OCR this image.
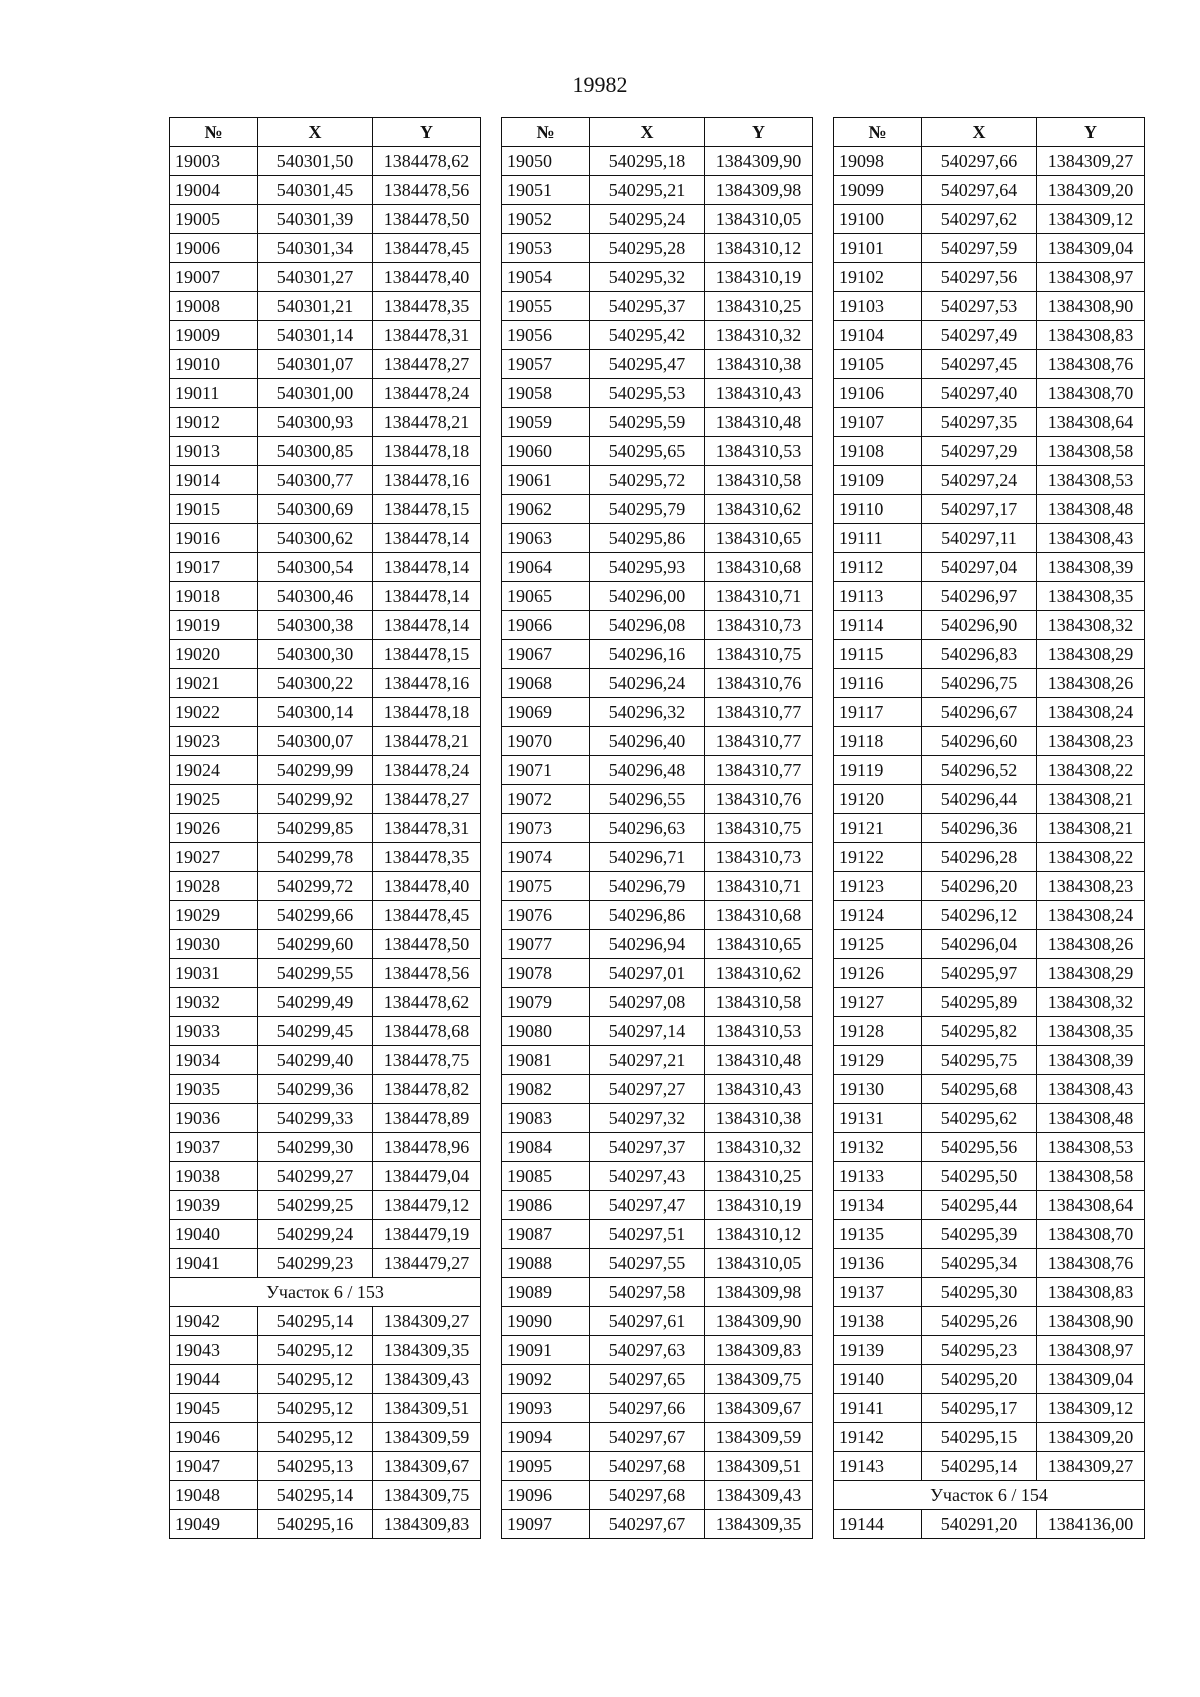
19982
№	X	Y
19003	540301,50	1384478,62
19004	540301,45	1384478,56
19005	540301,39	1384478,50
19006	540301,34	1384478,45
19007	540301,27	1384478,40
19008	540301,21	1384478,35
19009	540301,14	1384478,31
19010	540301,07	1384478,27
19011	540301,00	1384478,24
19012	540300,93	1384478,21
19013	540300,85	1384478,18
19014	540300,77	1384478,16
19015	540300,69	1384478,15
19016	540300,62	1384478,14
19017	540300,54	1384478,14
19018	540300,46	1384478,14
19019	540300,38	1384478,14
19020	540300,30	1384478,15
19021	540300,22	1384478,16
19022	540300,14	1384478,18
19023	540300,07	1384478,21
19024	540299,99	1384478,24
19025	540299,92	1384478,27
19026	540299,85	1384478,31
19027	540299,78	1384478,35
19028	540299,72	1384478,40
19029	540299,66	1384478,45
19030	540299,60	1384478,50
19031	540299,55	1384478,56
19032	540299,49	1384478,62
19033	540299,45	1384478,68
19034	540299,40	1384478,75
19035	540299,36	1384478,82
19036	540299,33	1384478,89
19037	540299,30	1384478,96
19038	540299,27	1384479,04
19039	540299,25	1384479,12
19040	540299,24	1384479,19
19041	540299,23	1384479,27
Участок 6 / 153		
19042	540295,14	1384309,27
19043	540295,12	1384309,35
19044	540295,12	1384309,43
19045	540295,12	1384309,51
19046	540295,12	1384309,59
19047	540295,13	1384309,67
19048	540295,14	1384309,75
19049	540295,16	1384309,83
№	X	Y
19050	540295,18	1384309,90
19051	540295,21	1384309,98
19052	540295,24	1384310,05
19053	540295,28	1384310,12
19054	540295,32	1384310,19
19055	540295,37	1384310,25
19056	540295,42	1384310,32
19057	540295,47	1384310,38
19058	540295,53	1384310,43
19059	540295,59	1384310,48
19060	540295,65	1384310,53
19061	540295,72	1384310,58
19062	540295,79	1384310,62
19063	540295,86	1384310,65
19064	540295,93	1384310,68
19065	540296,00	1384310,71
19066	540296,08	1384310,73
19067	540296,16	1384310,75
19068	540296,24	1384310,76
19069	540296,32	1384310,77
19070	540296,40	1384310,77
19071	540296,48	1384310,77
19072	540296,55	1384310,76
19073	540296,63	1384310,75
19074	540296,71	1384310,73
19075	540296,79	1384310,71
19076	540296,86	1384310,68
19077	540296,94	1384310,65
19078	540297,01	1384310,62
19079	540297,08	1384310,58
19080	540297,14	1384310,53
19081	540297,21	1384310,48
19082	540297,27	1384310,43
19083	540297,32	1384310,38
19084	540297,37	1384310,32
19085	540297,43	1384310,25
19086	540297,47	1384310,19
19087	540297,51	1384310,12
19088	540297,55	1384310,05
19089	540297,58	1384309,98
19090	540297,61	1384309,90
19091	540297,63	1384309,83
19092	540297,65	1384309,75
19093	540297,66	1384309,67
19094	540297,67	1384309,59
19095	540297,68	1384309,51
19096	540297,68	1384309,43
19097	540297,67	1384309,35
№	X	Y
19098	540297,66	1384309,27
19099	540297,64	1384309,20
19100	540297,62	1384309,12
19101	540297,59	1384309,04
19102	540297,56	1384308,97
19103	540297,53	1384308,90
19104	540297,49	1384308,83
19105	540297,45	1384308,76
19106	540297,40	1384308,70
19107	540297,35	1384308,64
19108	540297,29	1384308,58
19109	540297,24	1384308,53
19110	540297,17	1384308,48
19111	540297,11	1384308,43
19112	540297,04	1384308,39
19113	540296,97	1384308,35
19114	540296,90	1384308,32
19115	540296,83	1384308,29
19116	540296,75	1384308,26
19117	540296,67	1384308,24
19118	540296,60	1384308,23
19119	540296,52	1384308,22
19120	540296,44	1384308,21
19121	540296,36	1384308,21
19122	540296,28	1384308,22
19123	540296,20	1384308,23
19124	540296,12	1384308,24
19125	540296,04	1384308,26
19126	540295,97	1384308,29
19127	540295,89	1384308,32
19128	540295,82	1384308,35
19129	540295,75	1384308,39
19130	540295,68	1384308,43
19131	540295,62	1384308,48
19132	540295,56	1384308,53
19133	540295,50	1384308,58
19134	540295,44	1384308,64
19135	540295,39	1384308,70
19136	540295,34	1384308,76
19137	540295,30	1384308,83
19138	540295,26	1384308,90
19139	540295,23	1384308,97
19140	540295,20	1384309,04
19141	540295,17	1384309,12
19142	540295,15	1384309,20
19143	540295,14	1384309,27
Участок 6 / 154		
19144	540291,20	1384136,00
